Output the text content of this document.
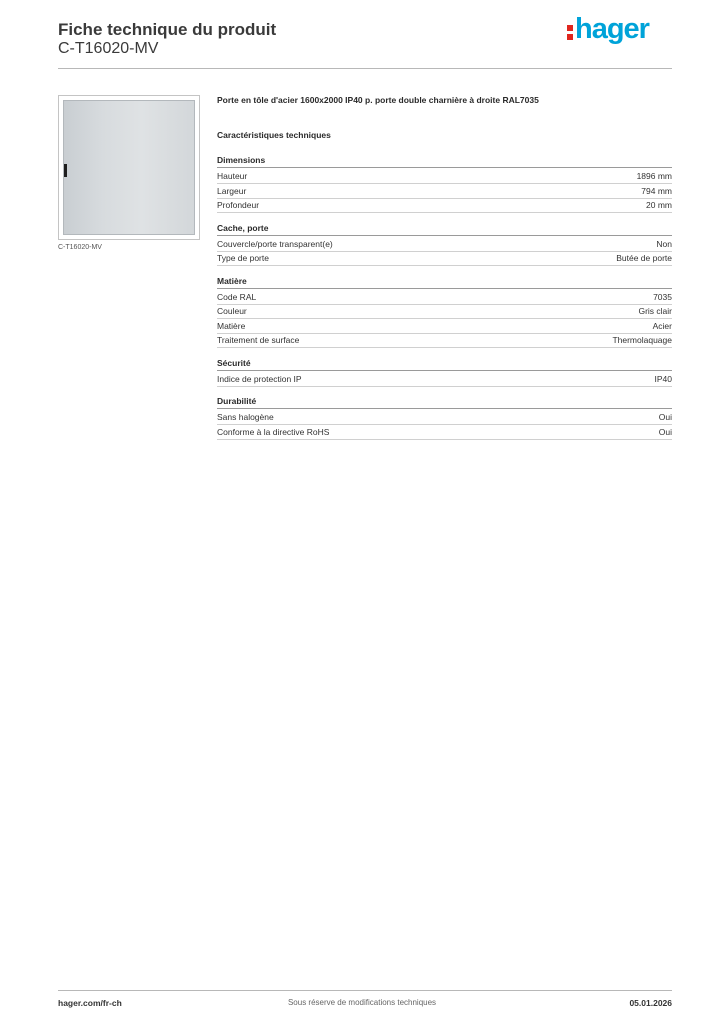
Fiche technique du produit
C-T16020-MV
hager
C-T16020-MV
Porte en tôle d'acier 1600x2000 IP40 p. porte double charnière à droite RAL7035
Caractéristiques techniques
Dimensions
Hauteur	1896 mm
Largeur	794 mm
Profondeur	20 mm
Cache, porte
Couvercle/porte transparent(e)	Non
Type de porte	Butée de porte
Matière
Code RAL	7035
Couleur	Gris clair
Matière	Acier
Traitement de surface	Thermolaquage
Sécurité
Indice de protection IP	IP40
Durabilité
Sans halogène	Oui
Conforme à la directive RoHS	Oui
hager.com/fr-ch	Sous réserve de modifications techniques	05.01.2026
